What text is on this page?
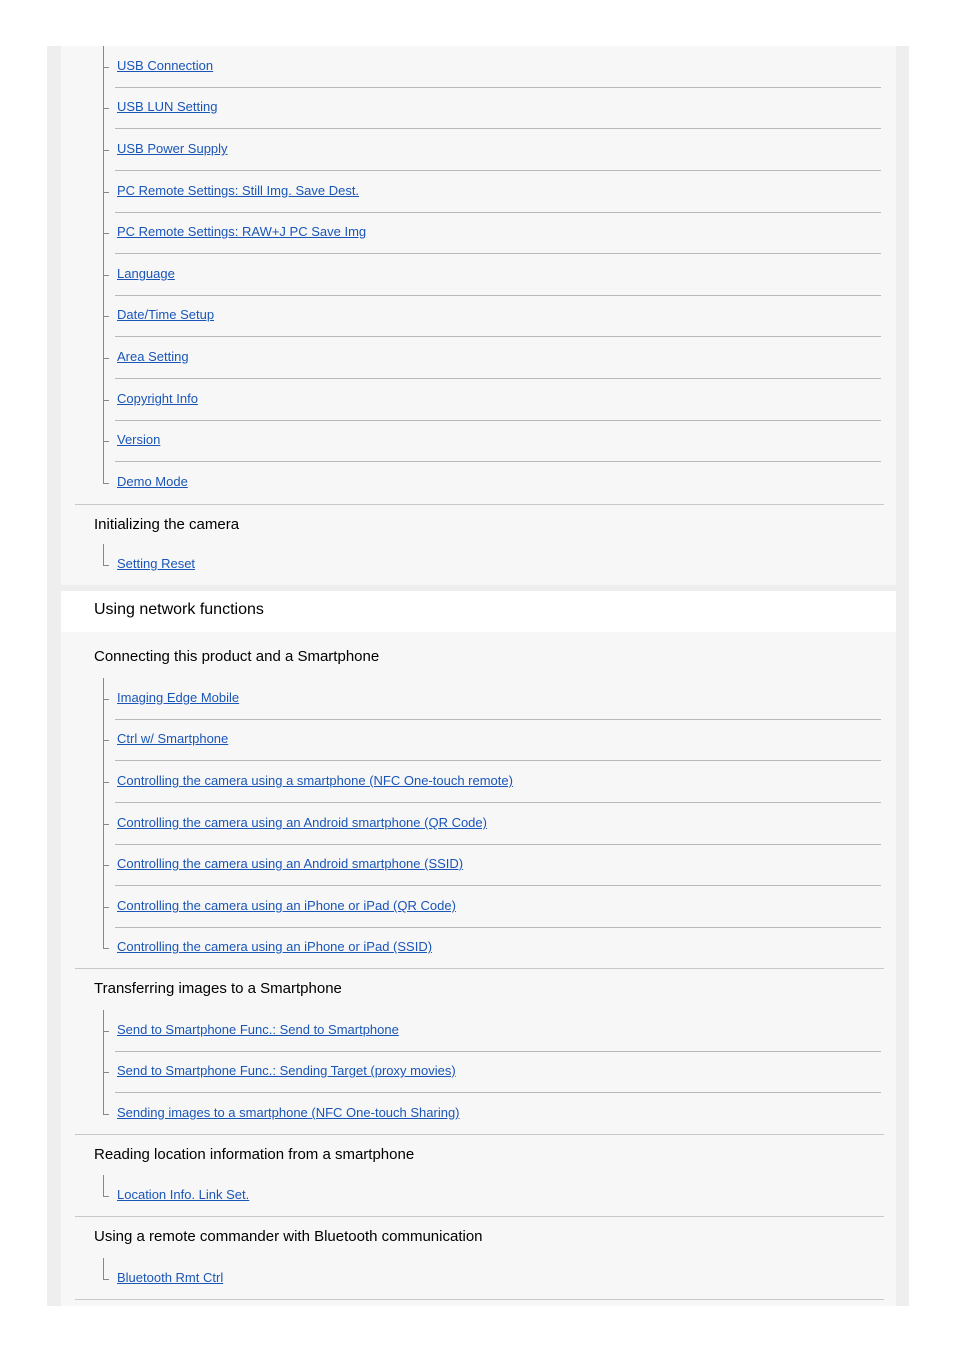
Using network functions
USB Connection
USB LUN Setting
USB Power Supply
PC Remote Settings: Still Img. Save Dest.
PC Remote Settings: RAW+J PC Save Img
Language
Date/Time Setup
Area Setting
Copyright Info
Version
Demo Mode
Initializing the camera
Setting Reset
Connecting this product and a Smartphone
Imaging Edge Mobile
Ctrl w/ Smartphone
Controlling the camera using a smartphone (NFC One-touch remote)
Controlling the camera using an Android smartphone (QR Code)
Controlling the camera using an Android smartphone (SSID)
Controlling the camera using an iPhone or iPad (QR Code)
Controlling the camera using an iPhone or iPad (SSID)
Transferring images to a Smartphone
Send to Smartphone Func.: Send to Smartphone
Send to Smartphone Func.: Sending Target (proxy movies)
Sending images to a smartphone (NFC One-touch Sharing)
Reading location information from a smartphone
Location Info. Link Set.
Using a remote commander with Bluetooth communication
Bluetooth Rmt Ctrl
